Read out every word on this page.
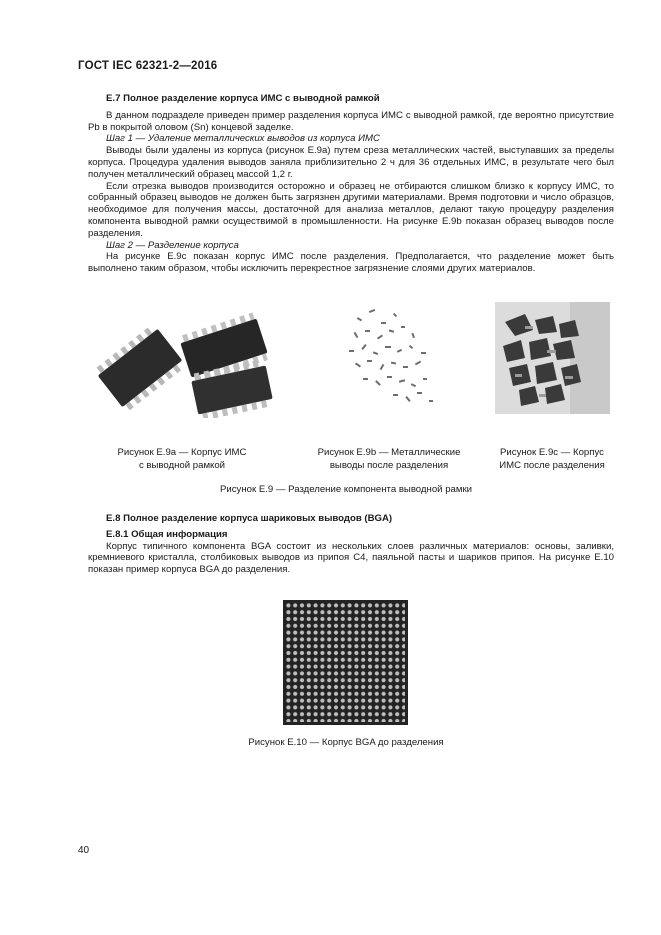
ГОСТ IEC 62321-2—2016
Е.7 Полное разделение корпуса ИМС с выводной рамкой

В данном подразделе приведен пример разделения корпуса ИМС с выводной рамкой, где вероятно присутствие Pb в покрытой оловом (Sn) концевой заделке.

Шаг 1 — Удаление металлических выводов из корпуса ИМС

Выводы были удалены из корпуса (рисунок Е.9а) путем среза металлических частей, выступавших за пределы корпуса. Процедура удаления выводов заняла приблизительно 2 ч для 36 отдельных ИМС, в результате чего был получен металлический образец массой 1,2 г.

Если отрезка выводов производится осторожно и образец не отбираются слишком близко к корпусу ИМС, то собранный образец выводов не должен быть загрязнен другими материалами. Время подготовки и число образцов, необходимое для получения массы, достаточной для анализа металлов, делают такую процедуру разделения компонента выводной рамки осуществимой в промышленности. На рисунке Е.9b показан образец выводов после разделения.

Шаг 2 — Разделение корпуса

На рисунке Е.9с показан корпус ИМС после разделения. Предполагается, что разделение может быть выполнено таким образом, чтобы исключить перекрестное загрязнение слоями других материалов.

Рисунок Е.9а — Корпус ИМС
с выводной рамкой
Рисунок Е.9b — Металлические
выводы после разделения
Рисунок Е.9с — Корпус
ИМС после разделения
Рисунок Е.9 — Разделение компонента выводной рамки
Е.8 Полное разделение корпуса шариковых выводов (BGA)
Е.8.1 Общая информация

Корпус типичного компонента BGA состоит из нескольких слоев различных материалов: основы, заливки, кремниевого кристалла, столбиковых выводов из припоя С4, паяльной пасты и шариков припоя. На рисунке Е.10 показан пример корпуса BGA до разделения.

Рисунок Е.10 — Корпус BGA до разделения
40
